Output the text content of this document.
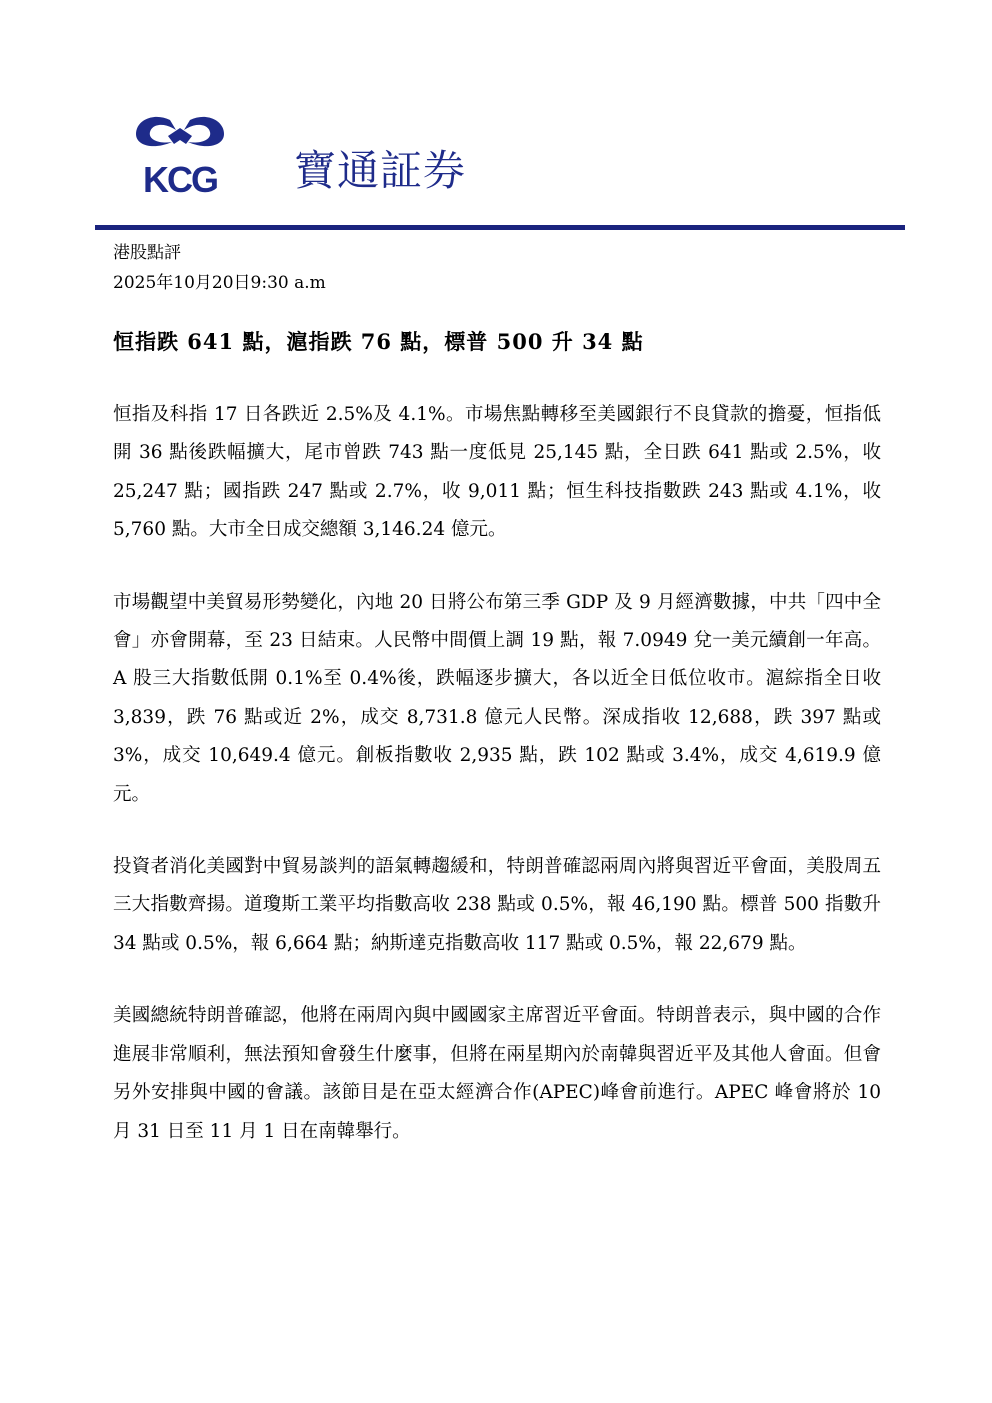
KCG 寶通証券
港股點評
2025年10月20日9:30 a.m
恒指跌 641 點，滬指跌 76 點，標普 500 升 34 點

恒指及科指 17 日各跌近 2.5%及 4.1%。市場焦點轉移至美國銀行不良貸款的擔憂，恒指低開 36 點後跌幅擴大，尾市曾跌 743 點一度低見 25,145 點，全日跌 641 點或 2.5%，收 25,247 點；國指跌 247 點或 2.7%，收 9,011 點；恒生科技指數跌 243 點或 4.1%，收 5,760 點。大市全日成交總額 3,146.24 億元。

市場觀望中美貿易形勢變化，內地 20 日將公布第三季 GDP 及 9 月經濟數據，中共「四中全會」亦會開幕，至 23 日結束。人民幣中間價上調 19 點，報 7.0949 兌一美元續創一年高。A 股三大指數低開 0.1%至 0.4%後，跌幅逐步擴大，各以近全日低位收市。滬綜指全日收 3,839，跌 76 點或近 2%，成交 8,731.8 億元人民幣。深成指收 12,688，跌 397 點或 3%，成交 10,649.4 億元。創板指數收 2,935 點，跌 102 點或 3.4%，成交 4,619.9 億元。

投資者消化美國對中貿易談判的語氣轉趨緩和，特朗普確認兩周內將與習近平會面，美股周五三大指數齊揚。道瓊斯工業平均指數高收 238 點或 0.5%，報 46,190 點。標普 500 指數升 34 點或 0.5%，報 6,664 點；納斯達克指數高收 117 點或 0.5%，報 22,679 點。

美國總統特朗普確認，他將在兩周內與中國國家主席習近平會面。特朗普表示，與中國的合作進展非常順利，無法預知會發生什麼事，但將在兩星期內於南韓與習近平及其他人會面。但會另外安排與中國的會議。該節目是在亞太經濟合作(APEC)峰會前進行。APEC 峰會將於 10 月 31 日至 11 月 1 日在南韓舉行。
